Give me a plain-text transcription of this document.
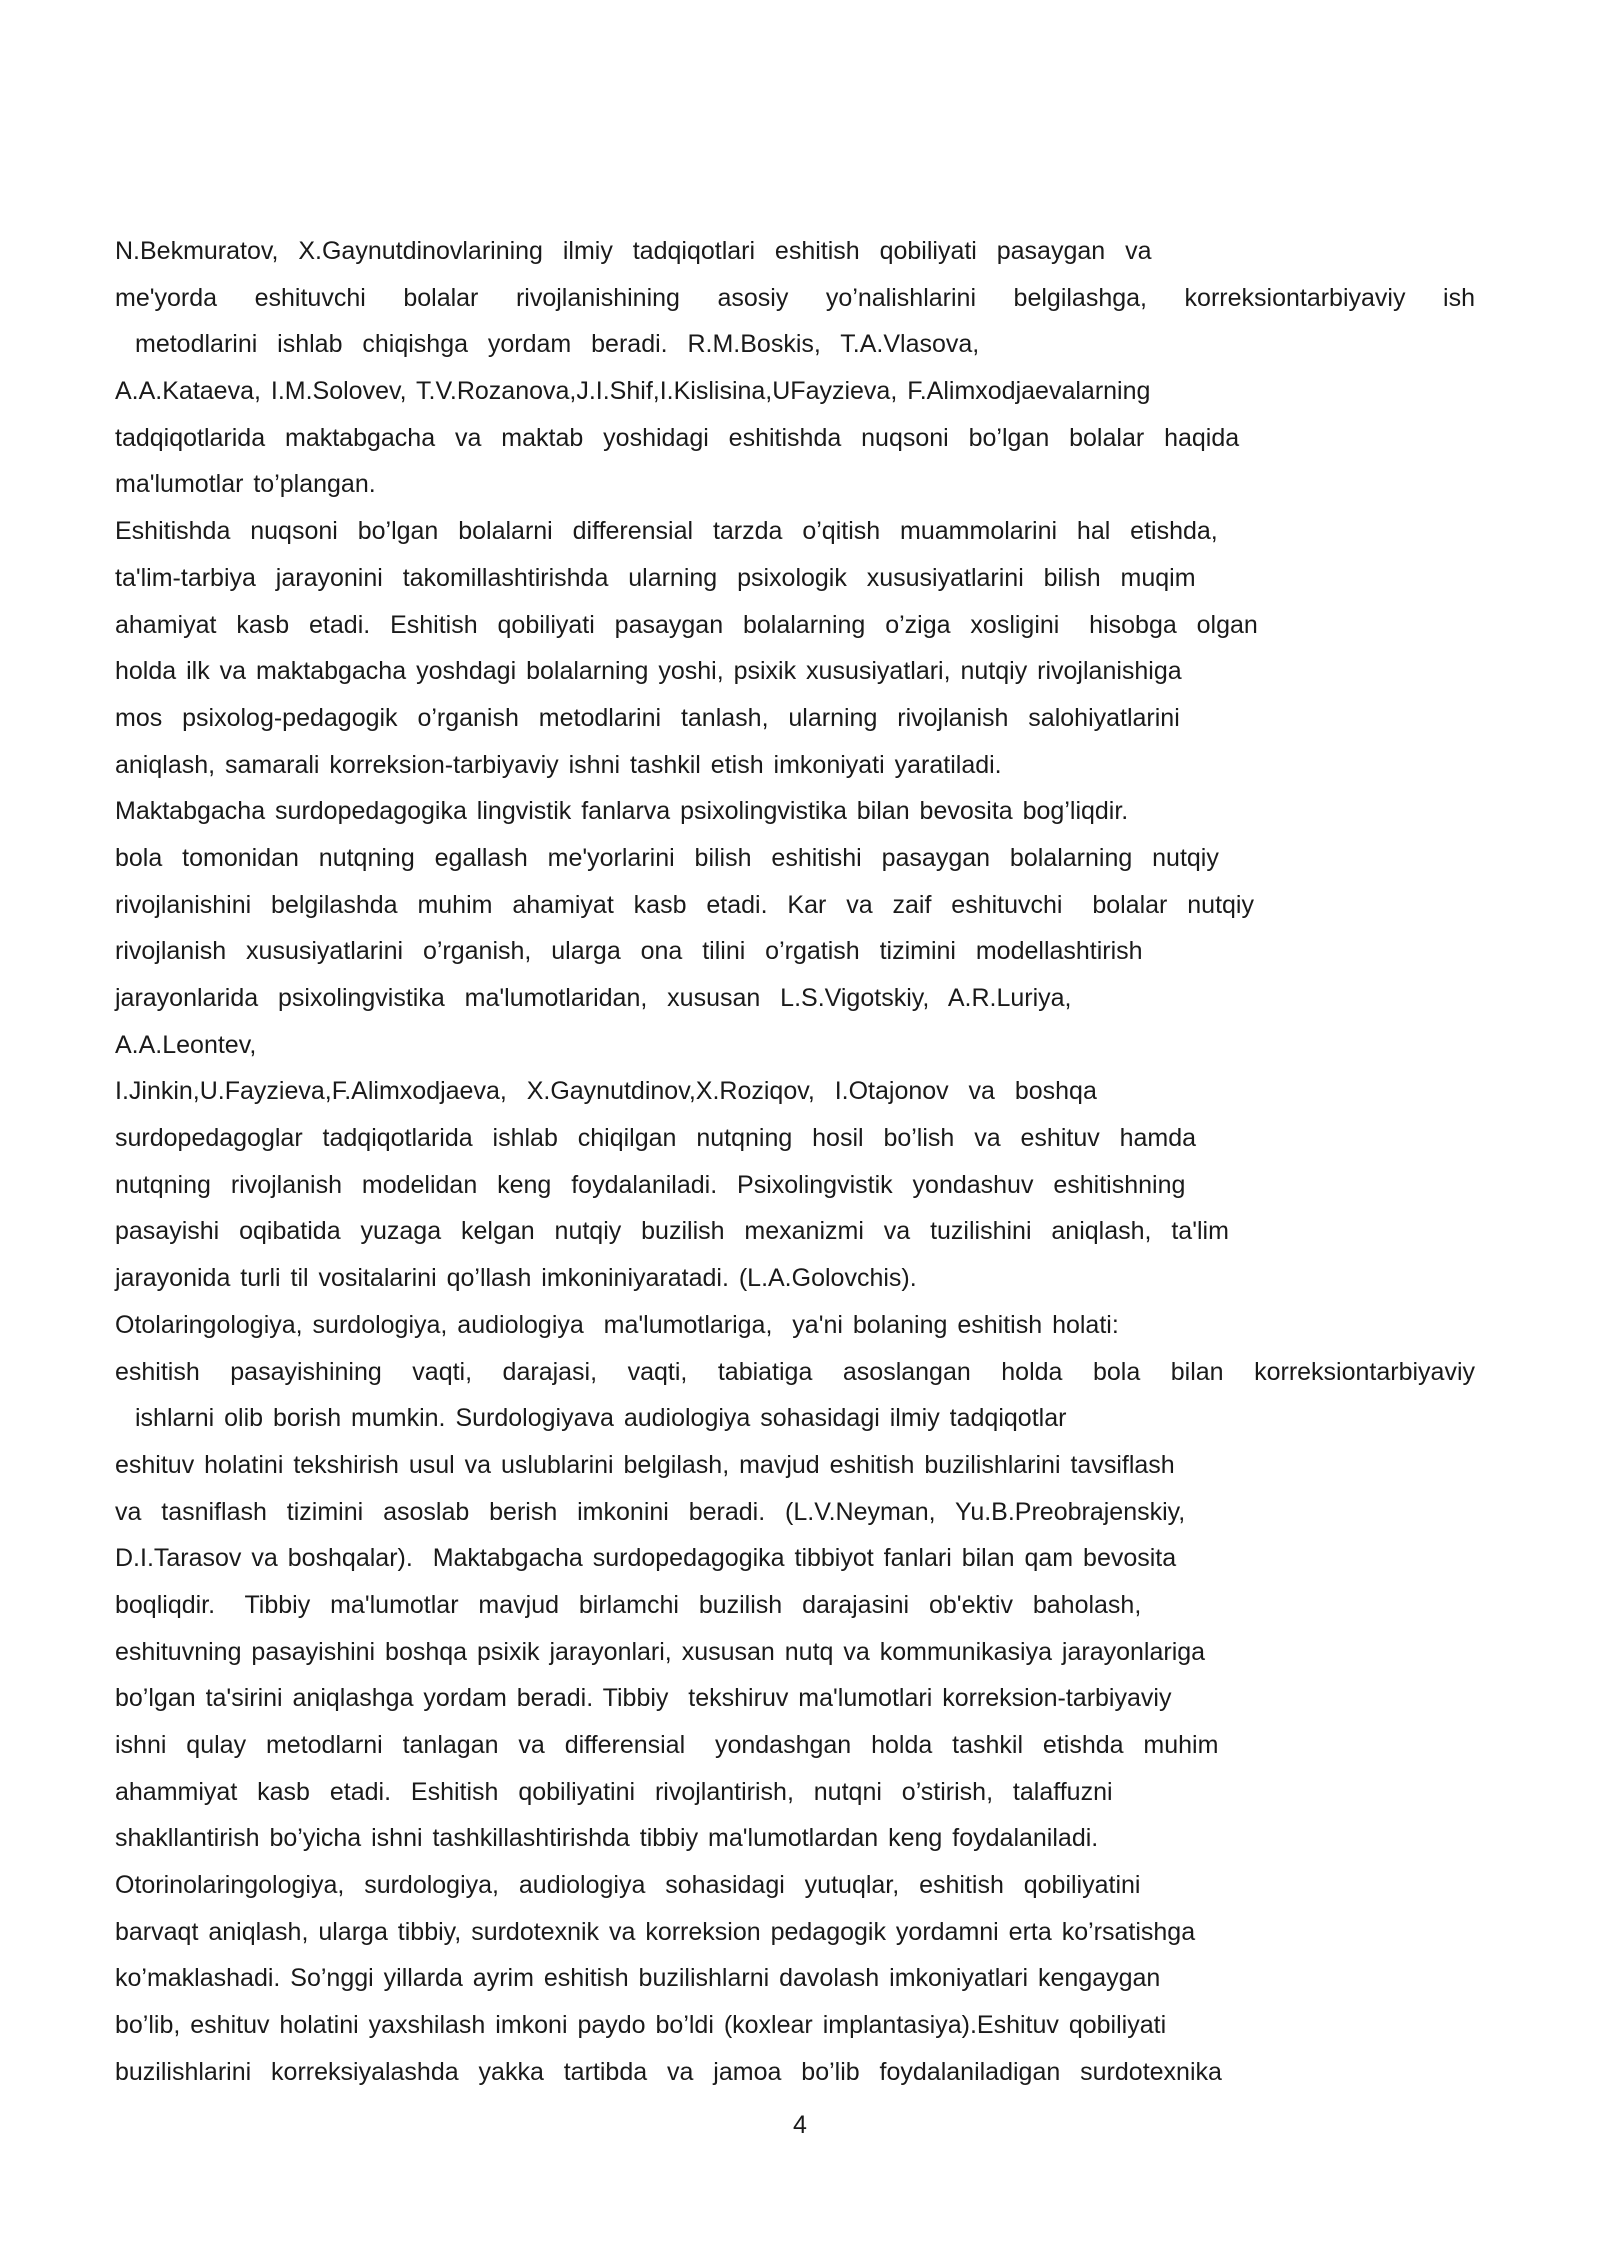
N.Bekmuratov,  X.Gaynutdinovlarining  ilmiy  tadqiqotlari  eshitish  qobiliyati  pasaygan  va
me'yorda eshituvchi bolalar rivojlanishining asosiy yo’nalishlarini belgilashga, korreksiontarbiyaviy ish
metodlarini  ishlab  chiqishga  yordam  beradi.  R.M.Boskis,  T.A.Vlasova,
A.A.Kataeva, I.M.Solovev, T.V.Rozanova,J.I.Shif,I.Kislisina,UFayzieva, F.Alimxodjaevalarning
tadqiqotlarida  maktabgacha  va  maktab  yoshidagi  eshitishda  nuqsoni  bo’lgan  bolalar  haqida
ma'lumotlar to’plangan.
Eshitishda  nuqsoni  bo’lgan  bolalarni  differensial  tarzda  o’qitish  muammolarini  hal  etishda,
ta'lim-tarbiya  jarayonini  takomillashtirishda  ularning  psixologik  xususiyatlarini  bilish  muqim
ahamiyat  kasb  etadi.  Eshitish  qobiliyati  pasaygan  bolalarning  o’ziga  xosligini   hisobga  olgan
holda ilk va maktabgacha yoshdagi bolalarning yoshi, psixik xususiyatlari, nutqiy rivojlanishiga
mos  psixolog-pedagogik  o’rganish  metodlarini  tanlash,  ularning  rivojlanish  salohiyatlarini
aniqlash, samarali korreksion-tarbiyaviy ishni tashkil etish imkoniyati yaratiladi.
Maktabgacha surdopedagogika lingvistik fanlarva psixolingvistika bilan bevosita bog’liqdir.
bola  tomonidan  nutqning  egallash  me'yorlarini  bilish  eshitishi  pasaygan  bolalarning  nutqiy
rivojlanishini  belgilashda  muhim  ahamiyat  kasb  etadi.  Kar  va  zaif  eshituvchi   bolalar  nutqiy
rivojlanish  xususiyatlarini  o’rganish,  ularga  ona  tilini  o’rgatish  tizimini  modellashtirish
jarayonlarida  psixolingvistika  ma'lumotlaridan,  xususan  L.S.Vigotskiy,  A.R.Luriya,
A.A.Leontev,
I.Jinkin,U.Fayzieva,F.Alimxodjaeva,  X.Gaynutdinov,X.Roziqov,  I.Otajonov  va  boshqa
surdopedagoglar  tadqiqotlarida  ishlab  chiqilgan  nutqning  hosil  bo’lish  va  eshituv  hamda
nutqning  rivojlanish  modelidan  keng  foydalaniladi.  Psixolingvistik  yondashuv  eshitishning
pasayishi  oqibatida  yuzaga  kelgan  nutqiy  buzilish  mexanizmi  va  tuzilishini  aniqlash,  ta'lim
jarayonida turli til vositalarini qo’llash imkoniniyaratadi. (L.A.Golovchis).
Otolaringologiya, surdologiya, audiologiya  ma'lumotlariga,  ya'ni bolaning eshitish holati:
eshitish pasayishining vaqti, darajasi, vaqti, tabiatiga asoslangan holda bola bilan korreksiontarbiyaviy
ishlarni olib borish mumkin. Surdologiyava audiologiya sohasidagi ilmiy tadqiqotlar
eshituv holatini tekshirish usul va uslublarini belgilash, mavjud eshitish buzilishlarini tavsiflash
va  tasniflash  tizimini  asoslab  berish  imkonini  beradi.  (L.V.Neyman,  Yu.B.Preobrajenskiy,
D.I.Tarasov va boshqalar).  Maktabgacha surdopedagogika tibbiyot fanlari bilan qam bevosita
boqliqdir.   Tibbiy  ma'lumotlar  mavjud  birlamchi  buzilish  darajasini  ob'ektiv  baholash,
eshituvning pasayishini boshqa psixik jarayonlari, xususan nutq va kommunikasiya jarayonlariga
bo’lgan ta'sirini aniqlashga yordam beradi. Tibbiy  tekshiruv ma'lumotlari korreksion-tarbiyaviy
ishni  qulay  metodlarni  tanlagan  va  differensial   yondashgan  holda  tashkil  etishda  muhim
ahammiyat  kasb  etadi.  Eshitish  qobiliyatini  rivojlantirish,  nutqni  o’stirish,  talaffuzni
shakllantirish bo’yicha ishni tashkillashtirishda tibbiy ma'lumotlardan keng foydalaniladi.
Otorinolaringologiya,  surdologiya,  audiologiya  sohasidagi  yutuqlar,  eshitish  qobiliyatini
barvaqt aniqlash, ularga tibbiy, surdotexnik va korreksion pedagogik yordamni erta ko’rsatishga
ko’maklashadi. So’nggi yillarda ayrim eshitish buzilishlarni davolash imkoniyatlari kengaygan
bo’lib, eshituv holatini yaxshilash imkoni paydo bo’ldi (koxlear implantasiya).Eshituv qobiliyati
buzilishlarini  korreksiyalashda  yakka  tartibda  va  jamoa  bo’lib  foydalaniladigan  surdotexnika
4
